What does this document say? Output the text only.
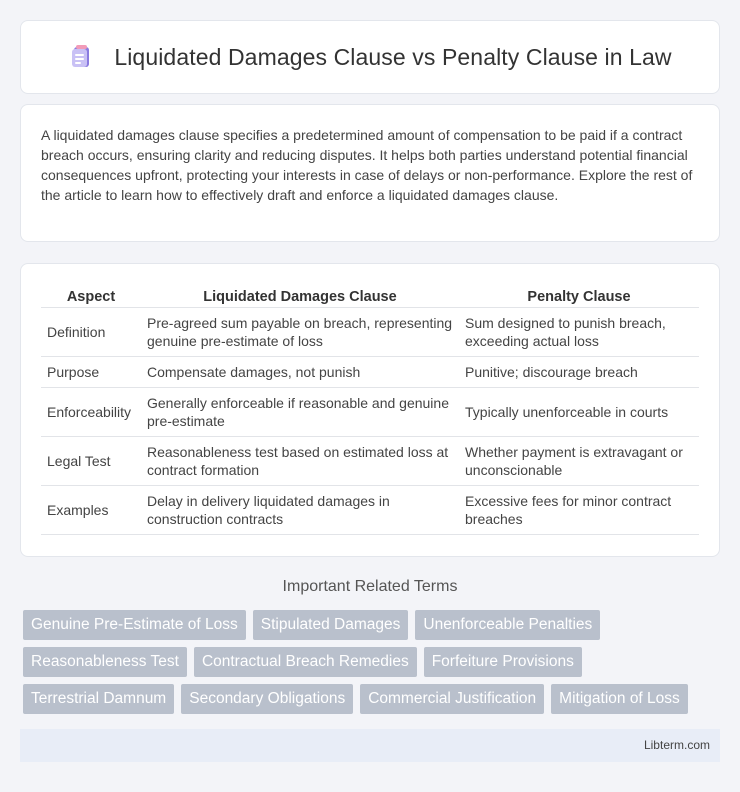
Liquidated Damages Clause vs Penalty Clause in Law

A liquidated damages clause specifies a predetermined amount of compensation to be paid if a contract breach occurs, ensuring clarity and reducing disputes. It helps both parties understand potential financial consequences upfront, protecting your interests in case of delays or non-performance. Explore the rest of the article to learn how to effectively draft and enforce a liquidated damages clause.

Aspect	Liquidated Damages Clause	Penalty Clause
Definition	Pre-agreed sum payable on breach, representing genuine pre-estimate of loss	Sum designed to punish breach, exceeding actual loss
Purpose	Compensate damages, not punish	Punitive; discourage breach
Enforceability	Generally enforceable if reasonable and genuine pre-estimate	Typically unenforceable in courts
Legal Test	Reasonableness test based on estimated loss at contract formation	Whether payment is extravagant or unconscionable
Examples	Delay in delivery liquidated damages in construction contracts	Excessive fees for minor contract breaches
Important Related Terms
Genuine Pre-Estimate of Loss	Stipulated Damages	Unenforceable Penalties
Reasonableness Test	Contractual Breach Remedies	Forfeiture Provisions
Terrestrial Damnum	Secondary Obligations	Commercial Justification	Mitigation of Loss
Libterm.com
